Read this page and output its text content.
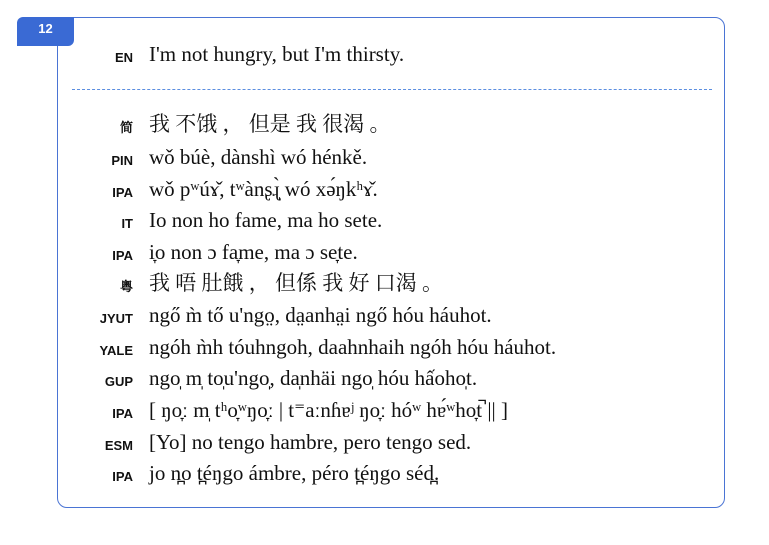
12
EN I'm not hungry, but I'm thirsty.
简 我 不饿 ， 但是 我 很渴 。
PIN wǒ búè, dànshì wó hénkě.
IPA wǒ pʷúɤ̌, tʷànʂɻ̩̀ wó xə́ŋkʰɤ̌.
IT Io non ho fame, ma ho sete.
IPA i̞o non ɔ fa̞me, ma ɔ se̞te.
粵 我 唔 肚餓 ， 但係 我 好 口渴 。
JYUT ngő m̀ tő u'ngo̤, da̤anha̤i ngő hóu háuhot.
YALE ngóh m̀h tóuhngoh, daahnhaih ngóh hóu háuhot.
GUP ngo̩ m̩ to̩u'ngo̩, da̩nhäi ngo̩ hóu hấoho̩t.
IPA [ ŋo̞ː m̩ tʰo̞ʷŋo̞ː | t⁼aːnɦɐʲ ŋo̞ː hóʷ hɐ́ʷho̞t̚ || ]
ESM [Yo] no tengo hambre, pero tengo sed.
IPA jo n̪o t̪éŋgo ámbre, péro t̪éŋgo séd̪.
